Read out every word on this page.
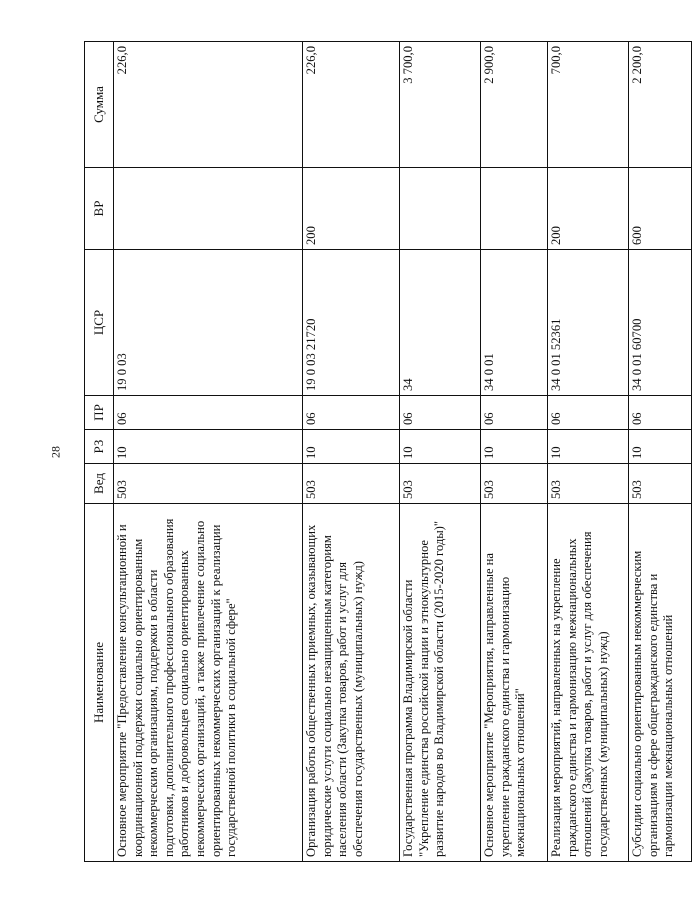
28
Наименование	Вед	РЗ	ПР	ЦСР	ВР	Сумма
Основное мероприятие "Предоставление консультационной и координационной поддержки социально ориентированным некоммерческим организациям, поддержки в области подготовки, дополнительного профессионального образования работников и добровольцев социально ориентированных некоммерческих организаций, а также привлечение социально ориентированных некоммерческих организаций к реализации государственной политики в социальной сфере"	503	10	06	19 0 03		226,0
Организация работы общественных приемных, оказывающих юридические услуги социально незащищенным категориям населения области (Закупка товаров, работ и услуг для обеспечения государственных (муниципальных) нужд)	503	10	06	19 0 03 21720	200	226,0
Государственная программа Владимирской области "Укрепление единства российской нации и этнокультурное развитие народов во Владимирской области (2015-2020 годы)"	503	10	06	34		3 700,0
Основное мероприятие "Мероприятия, направленные на укрепление гражданского единства и гармонизацию межнациональных отношений"	503	10	06	34 0 01		2 900,0
Реализация мероприятий, направленных на укрепление гражданского единства и гармонизацию межнациональных отношений (Закупка товаров, работ и услуг для обеспечения государственных (муниципальных) нужд)	503	10	06	34 0 01 52361	200	700,0
Субсидии социально ориентированным некоммерческим организациям в сфере общегражданского единства и гармонизации межнациональных отношений	503	10	06	34 0 01 60700	600	2 200,0
